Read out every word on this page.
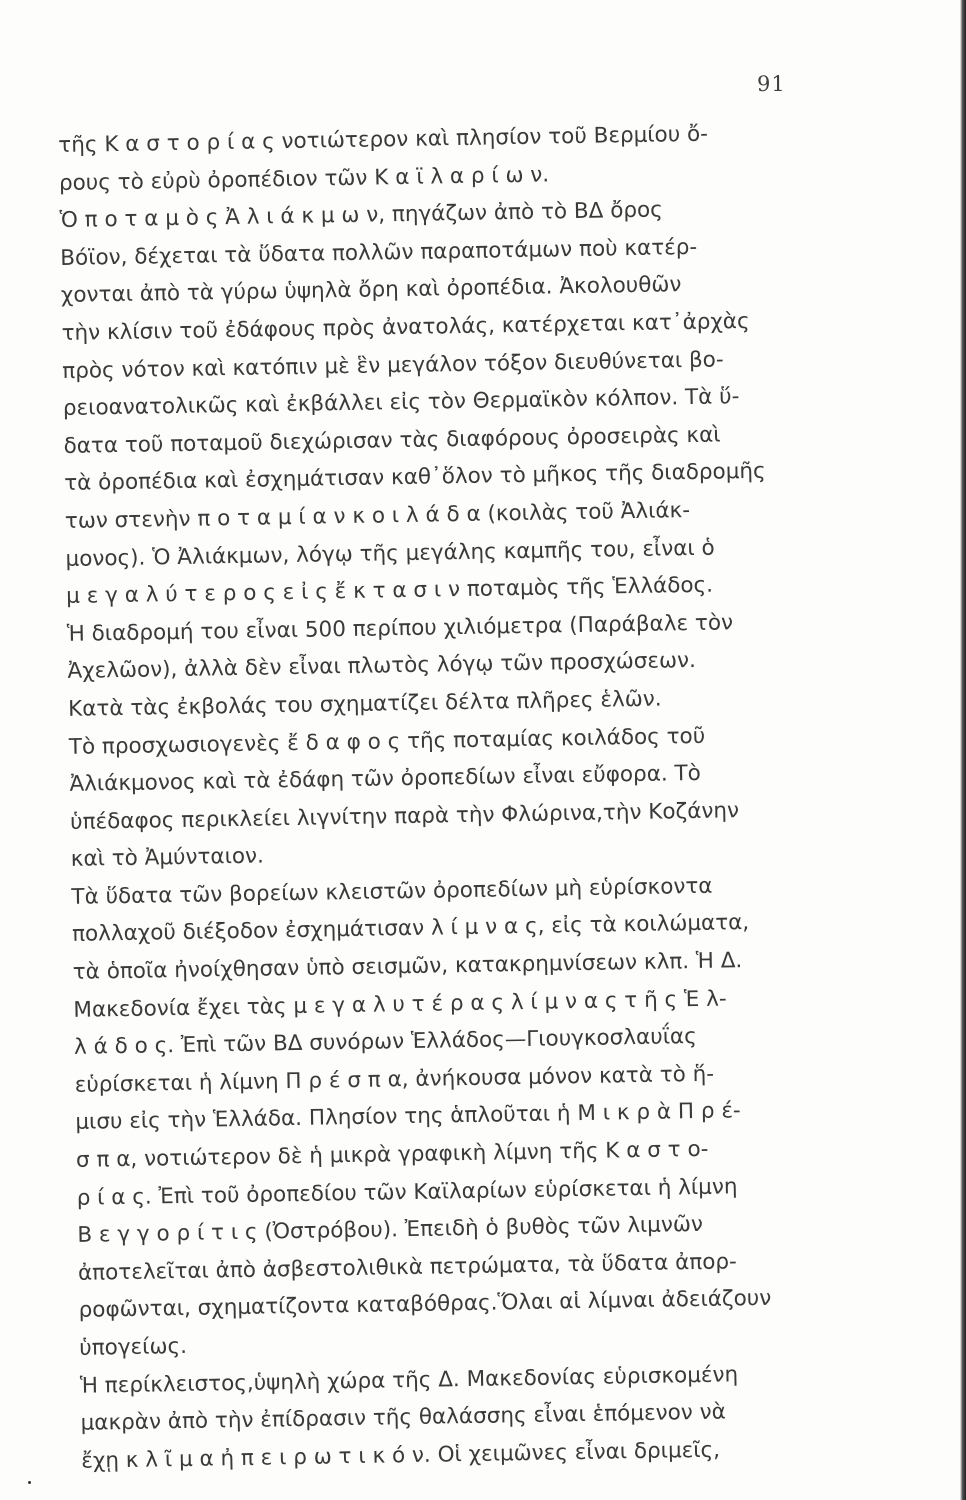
91
τῆς Κ α σ τ ο ρ ί α ς νοτιώτερον καὶ πλησίον τοῦ Βερμίου ὄ-
ρους τὸ εὐρὺ ὀροπέδιον τῶν Κ α ϊ λ α ρ ί ω ν.
Ὁ π ο τ α μ ὸ ς Ἀ λ ι ά κ μ ω ν, πηγάζων ἀπὸ τὸ ΒΔ ὄρος
Βόϊον, δέχεται τὰ ὕδατα πολλῶν παραποτάμων ποὺ κατέρ-
χονται ἀπὸ τὰ γύρω ὑψηλὰ ὄρη καὶ ὀροπέδια. Ἀκολουθῶν
τὴν κλίσιν τοῦ ἐδάφους πρὸς ἀνατολάς, κατέρχεται κατ᾽ἀρχὰς
πρὸς νότον καὶ κατόπιν μὲ ἓν μεγάλον τόξον διευθύνεται βο-
ρειοανατολικῶς καὶ ἐκβάλλει εἰς τὸν Θερμαϊκὸν κόλπον. Τὰ ὕ-
δατα τοῦ ποταμοῦ διεχώρισαν τὰς διαφόρους ὀροσειρὰς καὶ
τὰ ὀροπέδια καὶ ἐσχημάτισαν καθ᾽ὅλον τὸ μῆκος τῆς διαδρομῆς
των στενὴν π ο τ α μ ί α ν κ ο ι λ ά δ α (κοιλὰς τοῦ Ἀλιάκ-
μονος). Ὁ Ἀλιάκμων, λόγῳ τῆς μεγάλης καμπῆς του, εἶναι ὁ
μ ε γ α λ ύ τ ε ρ ο ς ε ἰ ς ἔ κ τ α σ ι ν ποταμὸς τῆς Ἑλλάδος.
Ἡ διαδρομή του εἶναι 500 περίπου χιλιόμετρα (Παράβαλε τὸν
Ἀχελῶον), ἀλλὰ δὲν εἶναι πλωτὸς λόγῳ τῶν προσχώσεων.
Κατὰ τὰς ἐκβολάς του σχηματίζει δέλτα πλῆρες ἑλῶν.
Τὸ προσχωσιογενὲς ἔ δ α φ ο ς τῆς ποταμίας κοιλάδος τοῦ
Ἀλιάκμονος καὶ τὰ ἐδάφη τῶν ὀροπεδίων εἶναι εὔφορα. Τὸ
ὑπέδαφος περικλείει λιγνίτην παρὰ τὴν Φλώρινα,τὴν Κοζάνην
καὶ τὸ Ἀμύνταιον.
Τὰ ὕδατα τῶν βορείων κλειστῶν ὀροπεδίων μὴ εὑρίσκοντα
πολλαχοῦ διέξοδον ἐσχημάτισαν λ ί μ ν α ς, εἰς τὰ κοιλώματα,
τὰ ὁποῖα ἠνοίχθησαν ὑπὸ σεισμῶν, κατακρημνίσεων κλπ. Ἡ Δ.
Μακεδονία ἔχει τὰς μ ε γ α λ υ τ έ ρ α ς λ ί μ ν α ς τ ῆ ς Ἑ λ-
λ ά δ ο ς. Ἐπὶ τῶν ΒΔ συνόρων Ἑλλάδος—Γιουγκοσλαυΐας
εὑρίσκεται ἡ λίμνη Π ρ έ σ π α, ἀνήκουσα μόνον κατὰ τὸ ἥ-
μισυ εἰς τὴν Ἑλλάδα. Πλησίον της ἁπλοῦται ἡ Μ ι κ ρ ὰ Π ρ έ-
σ π α, νοτιώτερον δὲ ἡ μικρὰ γραφικὴ λίμνη τῆς Κ α σ τ ο-
ρ ί α ς. Ἐπὶ τοῦ ὀροπεδίου τῶν Καϊλαρίων εὑρίσκεται ἡ λίμνη
Β ε γ γ ο ρ ί τ ι ς (Ὀστρόβου). Ἐπειδὴ ὁ βυθὸς τῶν λιμνῶν
ἀποτελεῖται ἀπὸ ἀσβεστολιθικὰ πετρώματα, τὰ ὕδατα ἀπορ-
ροφῶνται, σχηματίζοντα καταβόθρας.Ὅλαι αἱ λίμναι ἀδειάζουν
ὑπογείως.
Ἡ περίκλειστος,ὑψηλὴ χώρα τῆς Δ. Μακεδονίας εὑρισκομένη
μακρὰν ἀπὸ τὴν ἐπίδρασιν τῆς θαλάσσης εἶναι ἑπόμενον νὰ
ἔχῃ κ λ ῖ μ α ἠ π ε ι ρ ω τ ι κ ό ν. Οἱ χειμῶνες εἶναι δριμεῖς,
